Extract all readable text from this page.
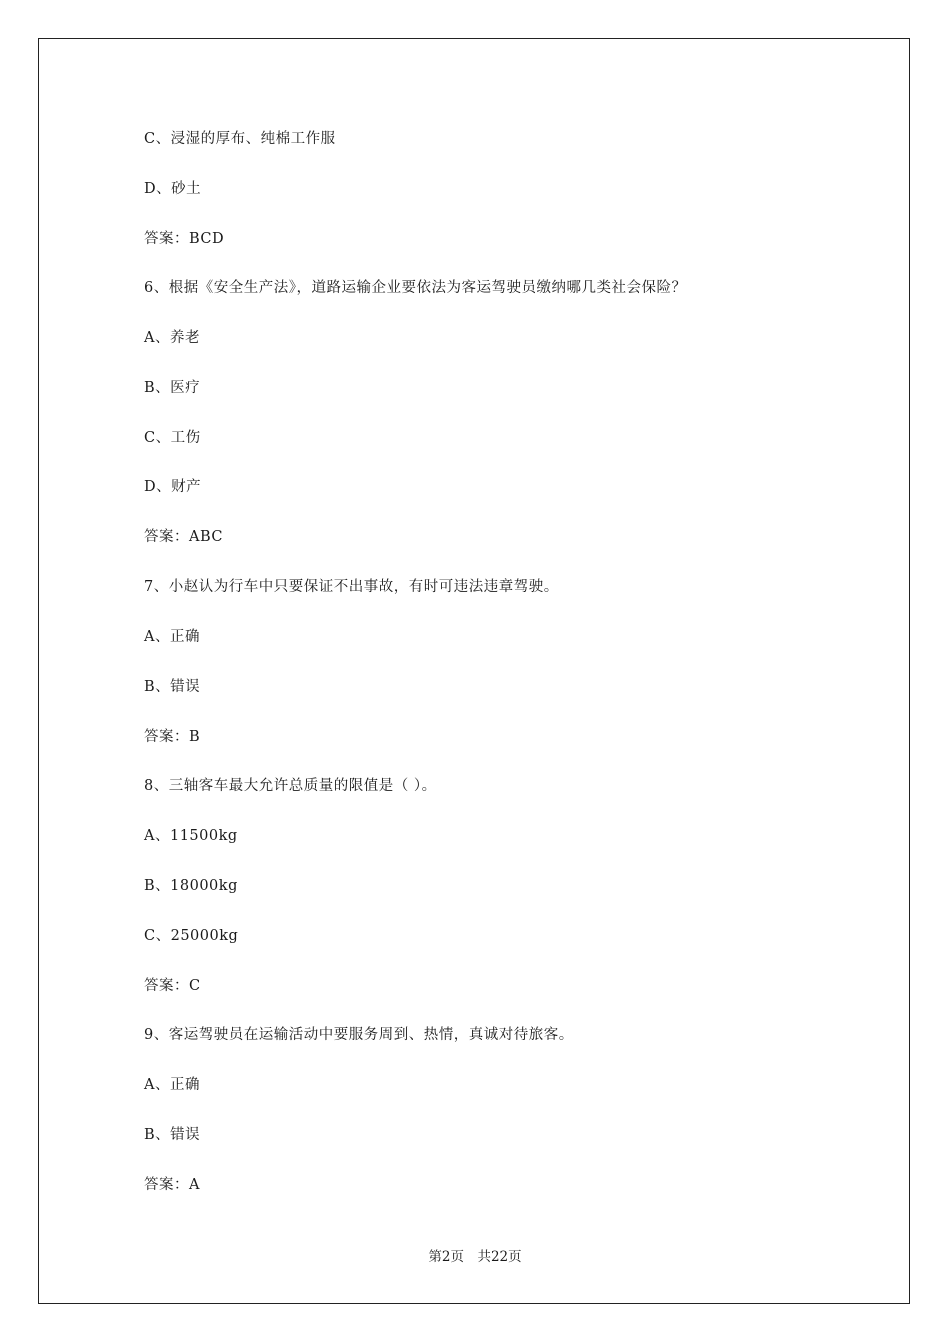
C、浸湿的厚布、纯棉工作服
D、砂土
答案：BCD
6、根据《安全生产法》，道路运输企业要依法为客运驾驶员缴纳哪几类社会保险？
A、养老
B、医疗
C、工伤
D、财产
答案：ABC
7、小赵认为行车中只要保证不出事故，有时可违法违章驾驶。
A、正确
B、错误
答案：B
8、三轴客车最大允许总质量的限值是（ ）。
A、11500kg
B、18000kg
C、25000kg
答案：C
9、客运驾驶员在运输活动中要服务周到、热情，真诚对待旅客。
A、正确
B、错误
答案：A
第2页　共22页
